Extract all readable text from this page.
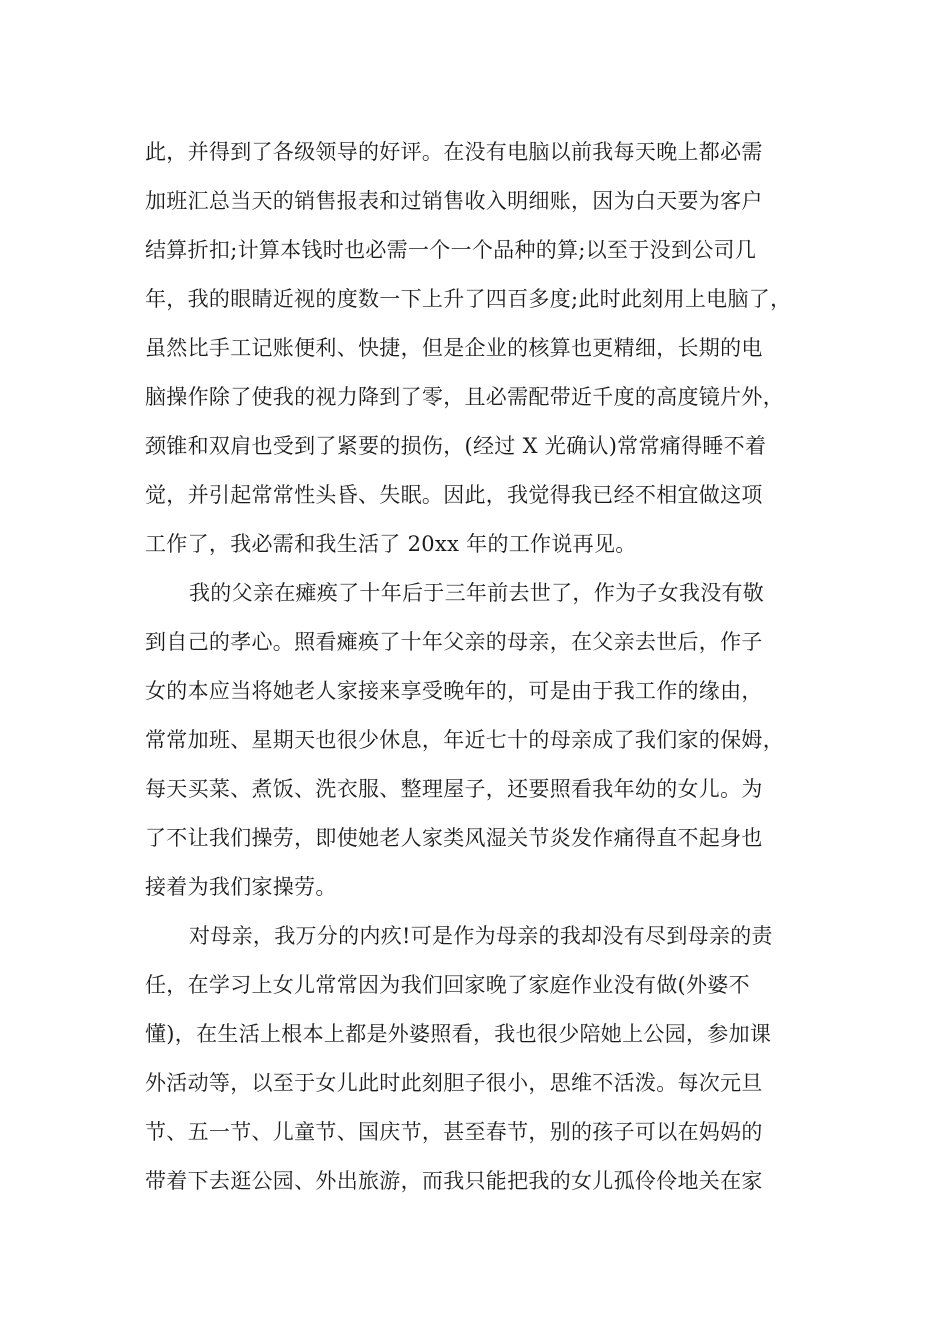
此，并得到了各级领导的好评。在没有电脑以前我每天晚上都必需
加班汇总当天的销售报表和过销售收入明细账，因为白天要为客户
结算折扣;计算本钱时也必需一个一个品种的算;以至于没到公司几
年，我的眼睛近视的度数一下上升了四百多度;此时此刻用上电脑了，
虽然比手工记账便利、快捷，但是企业的核算也更精细，长期的电
脑操作除了使我的视力降到了零，且必需配带近千度的高度镜片外，
颈锥和双肩也受到了紧要的损伤，(经过 X 光确认)常常痛得睡不着
觉，并引起常常性头昏、失眠。因此，我觉得我已经不相宜做这项
工作了，我必需和我生活了 20xx 年的工作说再见。
我的父亲在瘫痪了十年后于三年前去世了，作为子女我没有敬
到自己的孝心。照看瘫痪了十年父亲的母亲，在父亲去世后，作子
女的本应当将她老人家接来享受晚年的，可是由于我工作的缘由，
常常加班、星期天也很少休息，年近七十的母亲成了我们家的保姆，
每天买菜、煮饭、洗衣服、整理屋子，还要照看我年幼的女儿。为
了不让我们操劳，即使她老人家类风湿关节炎发作痛得直不起身也
接着为我们家操劳。
对母亲，我万分的内疚!可是作为母亲的我却没有尽到母亲的责
任，在学习上女儿常常因为我们回家晚了家庭作业没有做(外婆不
懂)，在生活上根本上都是外婆照看，我也很少陪她上公园，参加课
外活动等，以至于女儿此时此刻胆子很小，思维不活泼。每次元旦
节、五一节、儿童节、国庆节，甚至春节，别的孩子可以在妈妈的
带着下去逛公园、外出旅游，而我只能把我的女儿孤伶伶地关在家
